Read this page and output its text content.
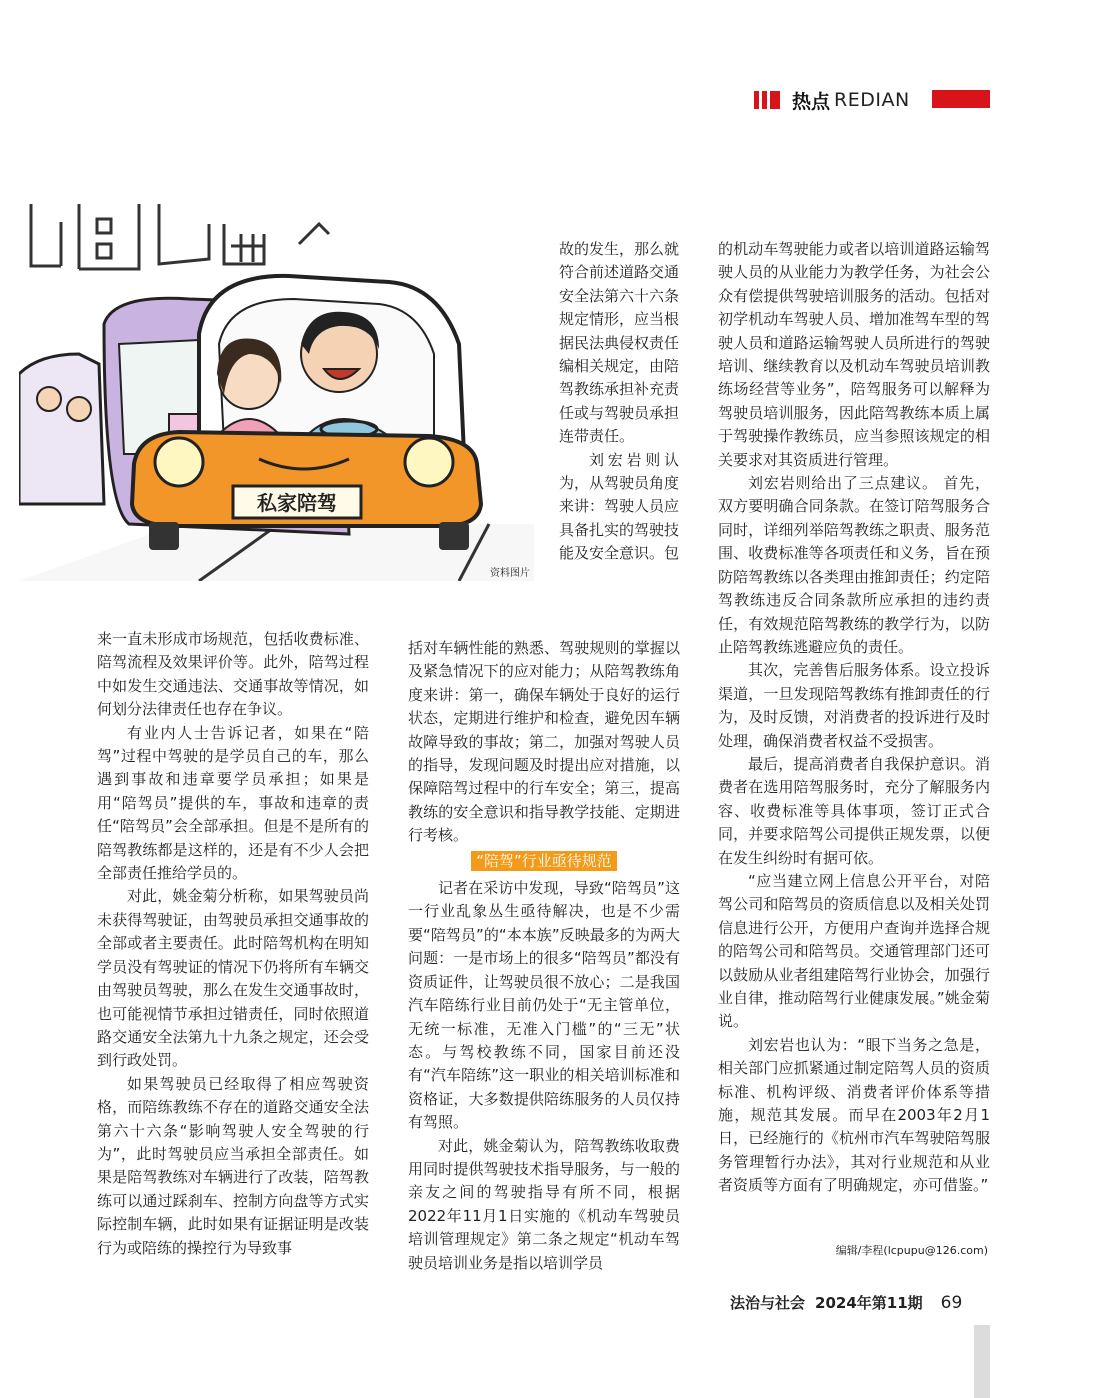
热点 REDIAN
私家陪驾
资料图片

来一直未形成市场规范，包括收费标准、陪驾流程及效果评价等。此外，陪驾过程中如发生交通违法、交通事故等情况，如何划分法律责任也存在争议。

有业内人士告诉记者，如果在“陪驾”过程中驾驶的是学员自己的车，那么遇到事故和违章要学员承担；如果是用“陪驾员”提供的车，事故和违章的责任“陪驾员”会全部承担。但是不是所有的陪驾教练都是这样的，还是有不少人会把全部责任推给学员的。

对此，姚金菊分析称，如果驾驶员尚未获得驾驶证，由驾驶员承担交通事故的全部或者主要责任。此时陪驾机构在明知学员没有驾驶证的情况下仍将所有车辆交由驾驶员驾驶，那么在发生交通事故时，也可能视情节承担过错责任，同时依照道路交通安全法第九十九条之规定，还会受到行政处罚。

如果驾驶员已经取得了相应驾驶资格，而陪练教练不存在的道路交通安全法第六十六条“影响驾驶人安全驾驶的行为”，此时驾驶员应当承担全部责任。如果是陪驾教练对车辆进行了改装，陪驾教练可以通过踩刹车、控制方向盘等方式实际控制车辆，此时如果有证据证明是改装行为或陪练的操控行为导致事

故的发生，那么就符合前述道路交通安全法第六十六条规定情形，应当根据民法典侵权责任编相关规定，由陪驾教练承担补充责任或与驾驶员承担连带责任。

刘宏岩则认为，从驾驶员角度来讲：驾驶人员应具备扎实的驾驶技能及安全意识。包

括对车辆性能的熟悉、驾驶规则的掌握以及紧急情况下的应对能力；从陪驾教练角度来讲：第一，确保车辆处于良好的运行状态，定期进行维护和检查，避免因车辆故障导致的事故；第二，加强对驾驶人员的指导，发现问题及时提出应对措施，以保障陪驾过程中的行车安全；第三，提高教练的安全意识和指导教学技能、定期进行考核。

“陪驾”行业亟待规范

记者在采访中发现，导致“陪驾员”这一行业乱象丛生亟待解决，也是不少需要“陪驾员”的“本本族”反映最多的为两大问题：一是市场上的很多“陪驾员”都没有资质证件，让驾驶员很不放心；二是我国汽车陪练行业目前仍处于“无主管单位，无统一标准，无准入门槛”的“三无”状态。与驾校教练不同，国家目前还没有“汽车陪练”这一职业的相关培训标准和资格证，大多数提供陪练服务的人员仅持有驾照。

对此，姚金菊认为，陪驾教练收取费用同时提供驾驶技术指导服务，与一般的亲友之间的驾驶指导有所不同，根据2022年11月1日实施的《机动车驾驶员培训管理规定》第二条之规定“机动车驾驶员培训业务是指以培训学员

的机动车驾驶能力或者以培训道路运输驾驶人员的从业能力为教学任务，为社会公众有偿提供驾驶培训服务的活动。包括对初学机动车驾驶人员、增加准驾车型的驾驶人员和道路运输驾驶人员所进行的驾驶培训、继续教育以及机动车驾驶员培训教练场经营等业务”，陪驾服务可以解释为驾驶员培训服务，因此陪驾教练本质上属于驾驶操作教练员，应当参照该规定的相关要求对其资质进行管理。

刘宏岩则给出了三点建议。 首先，双方要明确合同条款。在签订陪驾服务合同时，详细列举陪驾教练之职责、服务范围、收费标准等各项责任和义务，旨在预防陪驾教练以各类理由推卸责任；约定陪驾教练违反合同条款所应承担的违约责任，有效规范陪驾教练的教学行为，以防止陪驾教练逃避应负的责任。

其次，完善售后服务体系。设立投诉渠道，一旦发现陪驾教练有推卸责任的行为，及时反馈，对消费者的投诉进行及时处理，确保消费者权益不受损害。

最后，提高消费者自我保护意识。消费者在选用陪驾服务时，充分了解服务内容、收费标准等具体事项，签订正式合同，并要求陪驾公司提供正规发票，以便在发生纠纷时有据可依。

“应当建立网上信息公开平台，对陪驾公司和陪驾员的资质信息以及相关处罚信息进行公开，方便用户查询并选择合规的陪驾公司和陪驾员。交通管理部门还可以鼓励从业者组建陪驾行业协会，加强行业自律，推动陪驾行业健康发展。”姚金菊说。

刘宏岩也认为：“眼下当务之急是，相关部门应抓紧通过制定陪驾人员的资质标准、机构评级、消费者评价体系等措施，规范其发展。而早在2003年2月1日，已经施行的《杭州市汽车驾驶陪驾服务管理暂行办法》，其对行业规范和从业者资质等方面有了明确规定，亦可借鉴。”

编辑/李程(lcpupu@126.com)
法治与社会 2024年第11期 69
